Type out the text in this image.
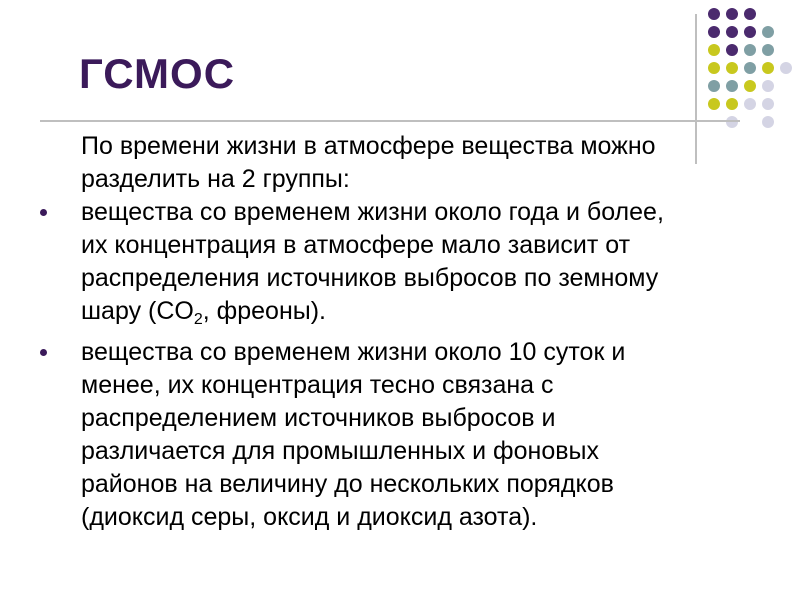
ГСМОС
По времени жизни в атмосфере вещества можно
разделить на 2 группы:
вещества со временем жизни около года и более,
их концентрация в атмосфере мало зависит от
распределения источников выбросов по земному
шару ($CO_2$, фреоны).
вещества со временем жизни около 10 суток и
менее, их концентрация тесно связана с
распределением источников выбросов и
различается для промышленных и фоновых
районов на величину до нескольких порядков
(диоксид серы, оксид и диоксид азота).
